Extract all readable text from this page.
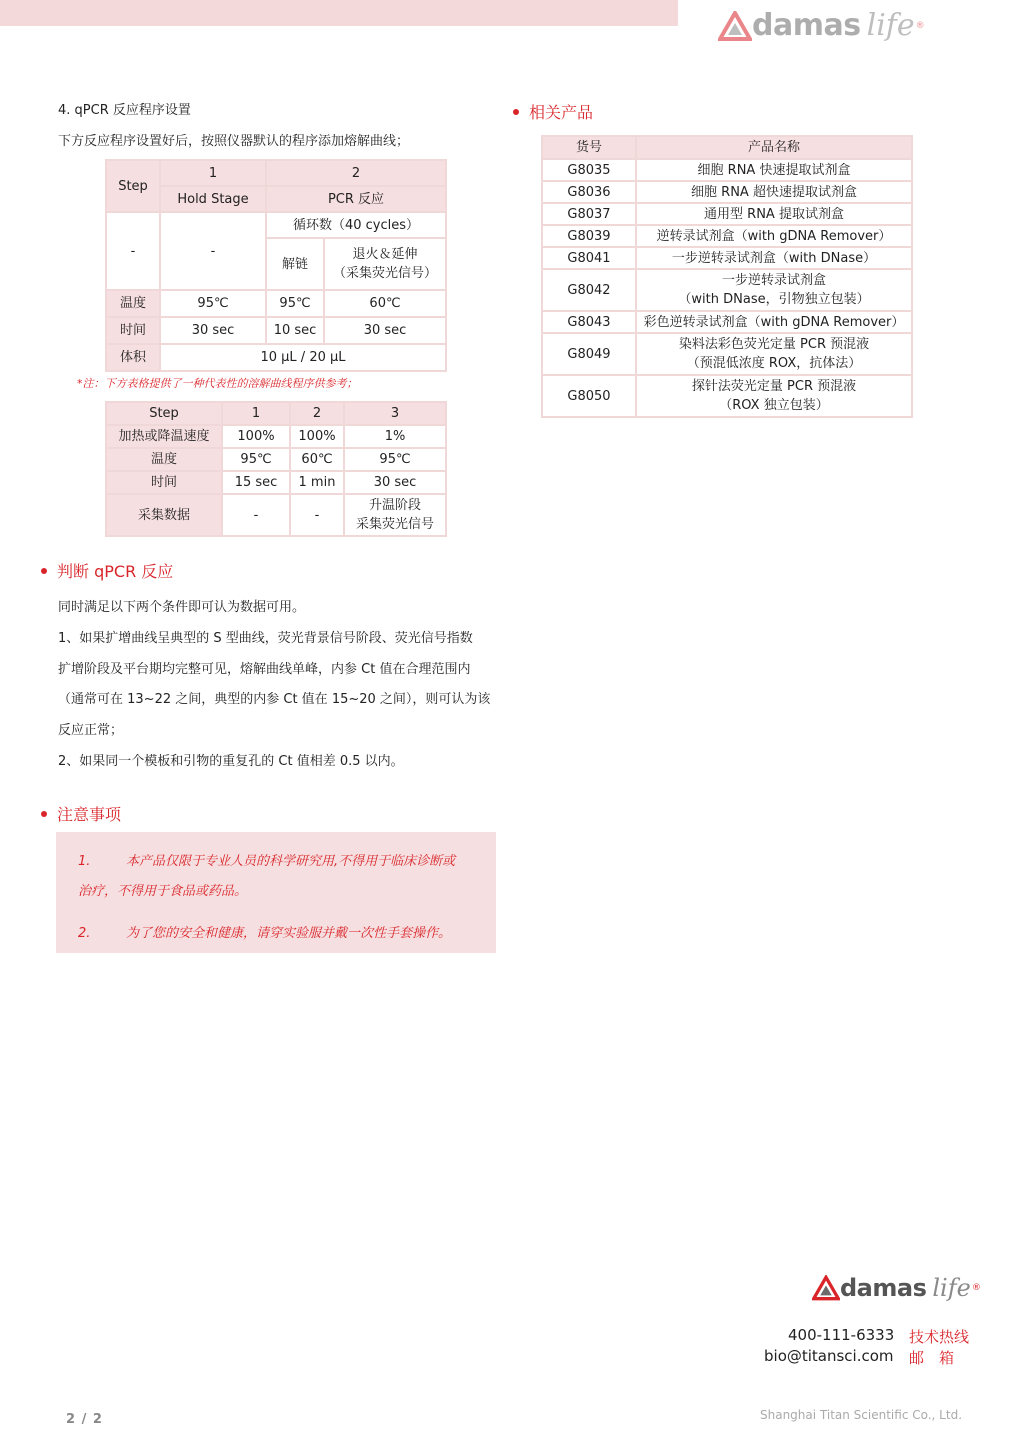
damas life ®
4. qPCR 反应程序设置
下方反应程序设置好后，按照仪器默认的程序添加熔解曲线；
Step	1	2	
	Hold Stage	PCR 反应	
-	-	循环数（40 cycles）	
		解链	退火＆延伸
（采集荧光信号）

温度	95℃	95℃	60℃
时间	30 sec	10 sec	30 sec
体积	10 μL / 20 μL		
*注：下方表格提供了一种代表性的溶解曲线程序供参考；
Step	1	2	3
加热或降温速度	100%	100%	1%
温度	95℃	60℃	95℃
时间	15 sec	1 min	30 sec
采集数据	-	-	升温阶段
采集荧光信号
判断 qPCR 反应
同时满足以下两个条件即可认为数据可用。
1、如果扩增曲线呈典型的 S 型曲线，荧光背景信号阶段、荧光信号指数
扩增阶段及平台期均完整可见，熔解曲线单峰，内参 Ct 值在合理范围内
（通常可在 13~22 之间，典型的内参 Ct 值在 15~20 之间），则可认为该
反应正常；
2、如果同一个模板和引物的重复孔的 Ct 值相差 0.5 以内。
注意事项
1.	本产品仅限于专业人员的科学研究用,不得用于临床诊断或
治疗，不得用于食品或药品。
2.	为了您的安全和健康，请穿实验服并戴一次性手套操作。
相关产品
货号	产品名称
G8035	细胞 RNA 快速提取试剂盒

G8036	细胞 RNA 超快速提取试剂盒

G8037	通用型 RNA 提取试剂盒

G8039	逆转录试剂盒（with gDNA Remover）

G8041	一步逆转录试剂盒（with DNase）

G8042	一步逆转录试剂盒
（with DNase，引物独立包装）

G8043	彩色逆转录试剂盒（with gDNA Remover）

G8049	染料法彩色荧光定量 PCR 预混液
（预混低浓度 ROX，抗体法）

G8050	探针法荧光定量 PCR 预混液
（ROX 独立包装）
damas life ®
400-111-6333 技术热线
bio@titansci.com 邮　箱
2 / 2	Shanghai Titan Scientific Co., Ltd.
